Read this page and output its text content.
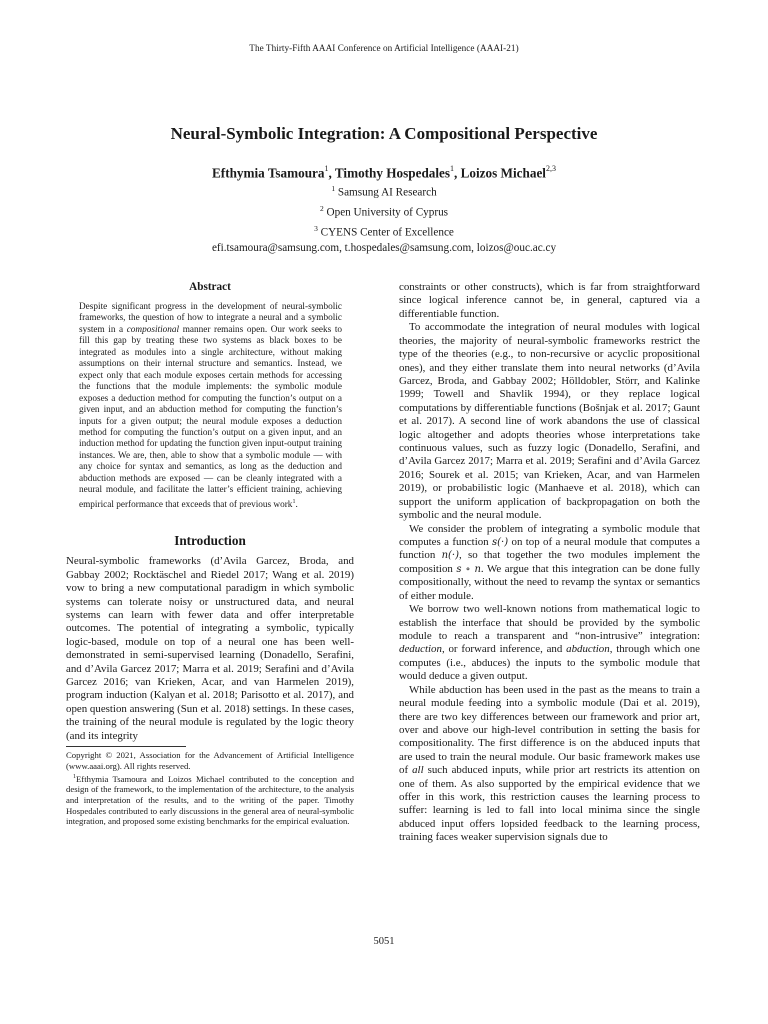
The Thirty-Fifth AAAI Conference on Artificial Intelligence (AAAI-21)
Neural-Symbolic Integration: A Compositional Perspective
Efthymia Tsamoura$^1$, Timothy Hospedales$^1$, Loizos Michael$^{2,3}$
$^1$ Samsung AI Research
$^2$ Open University of Cyprus
$^3$ CYENS Center of Excellence
efi.tsamoura@samsung.com, t.hospedales@samsung.com, loizos@ouc.ac.cy
Abstract

Despite significant progress in the development of neural-symbolic frameworks, the question of how to integrate a neural and a symbolic system in a compositional manner remains open. Our work seeks to fill this gap by treating these two systems as black boxes to be integrated as modules into a single architecture, without making assumptions on their internal structure and semantics. Instead, we expect only that each module exposes certain methods for accessing the functions that the module implements: the symbolic module exposes a deduction method for computing the function’s output on a given input, and an abduction method for computing the function’s inputs for a given output; the neural module exposes a deduction method for computing the function’s output on a given input, and an induction method for updating the function given input-output training instances. We are, then, able to show that a symbolic module — with any choice for syntax and semantics, as long as the deduction and abduction methods are exposed — can be cleanly integrated with a neural module, and facilitate the latter’s efficient training, achieving empirical performance that exceeds that of previous work$^1$.

Introduction

Neural-symbolic frameworks (d’Avila Garcez, Broda, and Gabbay 2002; Rocktäschel and Riedel 2017; Wang et al. 2019) vow to bring a new computational paradigm in which symbolic systems can tolerate noisy or unstructured data, and neural systems can learn with fewer data and offer interpretable outcomes. The potential of integrating a symbolic, typically logic-based, module on top of a neural one has been well-demonstrated in semi-supervised learning (Donadello, Serafini, and d’Avila Garcez 2017; Marra et al. 2019; Serafini and d’Avila Garcez 2016; van Krieken, Acar, and van Harmelen 2019), program induction (Kalyan et al. 2018; Parisotto et al. 2017), and open question answering (Sun et al. 2018) settings. In these cases, the training of the neural module is regulated by the logic theory (and its integrity

Copyright © 2021, Association for the Advancement of Artificial Intelligence (www.aaai.org). All rights reserved.

$^1$Efthymia Tsamoura and Loizos Michael contributed to the conception and design of the framework, to the implementation of the architecture, to the analysis and interpretation of the results, and to the writing of the paper. Timothy Hospedales contributed to early discussions in the general area of neural-symbolic integration, and proposed some existing benchmarks for the empirical evaluation.

constraints or other constructs), which is far from straightforward since logical inference cannot be, in general, captured via a differentiable function.

To accommodate the integration of neural modules with logical theories, the majority of neural-symbolic frameworks restrict the type of the theories (e.g., to non-recursive or acyclic propositional ones), and they either translate them into neural networks (d’Avila Garcez, Broda, and Gabbay 2002; Hölldobler, Störr, and Kalinke 1999; Towell and Shavlik 1994), or they replace logical computations by differentiable functions (Bošnjak et al. 2017; Gaunt et al. 2017). A second line of work abandons the use of classical logic altogether and adopts theories whose interpretations take continuous values, such as fuzzy logic (Donadello, Serafini, and d’Avila Garcez 2017; Marra et al. 2019; Serafini and d’Avila Garcez 2016; Sourek et al. 2015; van Krieken, Acar, and van Harmelen 2019), or probabilistic logic (Manhaeve et al. 2018), which can support the uniform application of backpropagation on both the symbolic and the neural module.

We consider the problem of integrating a symbolic module that computes a function s(·) on top of a neural module that computes a function n(·), so that together the two modules implement the composition s ∘ n. We argue that this integration can be done fully compositionally, without the need to revamp the syntax or semantics of either module.

We borrow two well-known notions from mathematical logic to establish the interface that should be provided by the symbolic module to reach a transparent and “non-intrusive” integration: deduction, or forward inference, and abduction, through which one computes (i.e., abduces) the inputs to the symbolic module that would deduce a given output.

While abduction has been used in the past as the means to train a neural module feeding into a symbolic module (Dai et al. 2019), there are two key differences between our framework and prior art, over and above our high-level contribution in setting the basis for compositionality. The first difference is on the abduced inputs that are used to train the neural module. Our basic framework makes use of all such abduced inputs, while prior art restricts its attention on one of them. As also supported by the empirical evidence that we offer in this work, this restriction causes the learning process to suffer: learning is led to fall into local minima since the single abduced input offers lopsided feedback to the learning process, training faces weaker supervision signals due to

5051
